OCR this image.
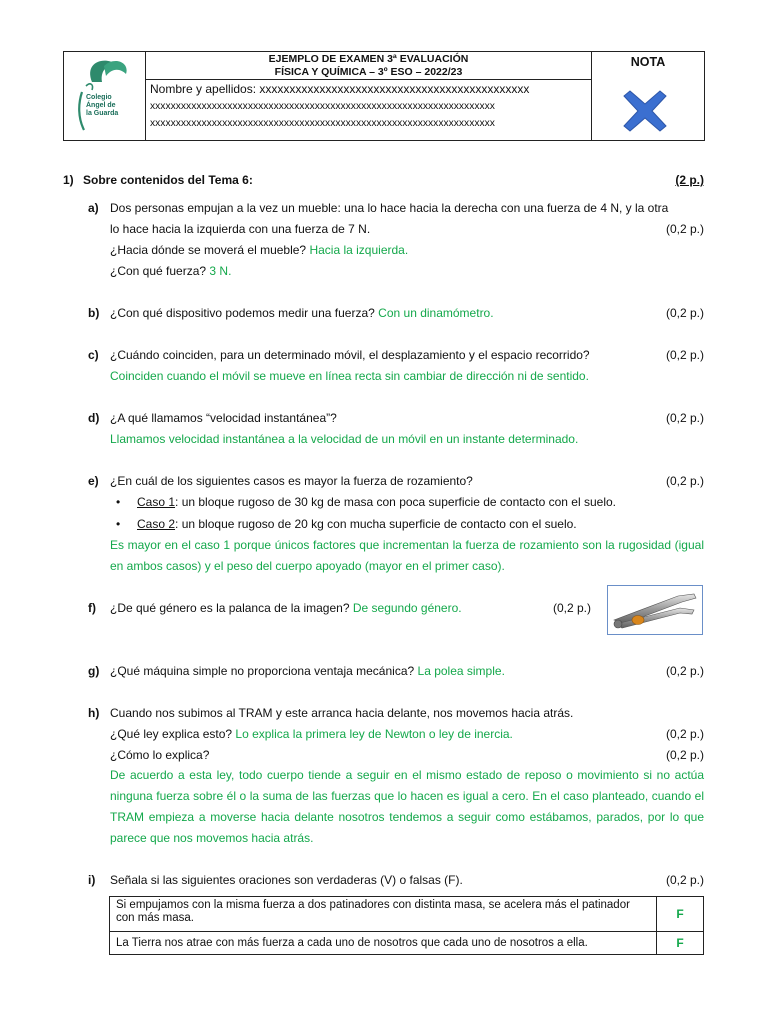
Colegio
Ángel de
la Guarda
EJEMPLO DE EXAMEN 3ª EVALUACIÓN
FÍSICA Y QUÍMICA – 3º ESO – 2022/23
NOTA
Nombre y apellidos: xxxxxxxxxxxxxxxxxxxxxxxxxxxxxxxxxxxxxxxxxxxxx
xxxxxxxxxxxxxxxxxxxxxxxxxxxxxxxxxxxxxxxxxxxxxxxxxxxxxxxxxxxxxxxxxxx
xxxxxxxxxxxxxxxxxxxxxxxxxxxxxxxxxxxxxxxxxxxxxxxxxxxxxxxxxxxxxxxxxxx
1) Sobre contenidos del Tema 6:	(2 p.)
a) Dos personas empujan a la vez un mueble: una lo hace hacia la derecha con una fuerza de 4 N, y la otra
lo hace hacia la izquierda con una fuerza de 7 N.	(0,2 p.)
¿Hacia dónde se moverá el mueble? Hacia la izquierda.
¿Con qué fuerza? 3 N.
b) ¿Con qué dispositivo podemos medir una fuerza? Con un dinamómetro.	(0,2 p.)
c) ¿Cuándo coinciden, para un determinado móvil, el desplazamiento y el espacio recorrido?	(0,2 p.)
Coinciden cuando el móvil se mueve en línea recta sin cambiar de dirección ni de sentido.
d) ¿A qué llamamos “velocidad instantánea”?	(0,2 p.)
Llamamos velocidad instantánea a la velocidad de un móvil en un instante determinado.
e) ¿En cuál de los siguientes casos es mayor la fuerza de rozamiento?	(0,2 p.)
• Caso 1: un bloque rugoso de 30 kg de masa con poca superficie de contacto con el suelo.
• Caso 2: un bloque rugoso de 20 kg con mucha superficie de contacto con el suelo.
Es mayor en el caso 1 porque únicos factores que incrementan la fuerza de rozamiento son la rugosidad (igual en ambos casos) y el peso del cuerpo apoyado (mayor en el primer caso).
f) ¿De qué género es la palanca de la imagen? De segundo género.	(0,2 p.)
g) ¿Qué máquina simple no proporciona ventaja mecánica? La polea simple.	(0,2 p.)
h) Cuando nos subimos al TRAM y este arranca hacia delante, nos movemos hacia atrás.
¿Qué ley explica esto? Lo explica la primera ley de Newton o ley de inercia.	(0,2 p.)
¿Cómo lo explica?	(0,2 p.)
De acuerdo a esta ley, todo cuerpo tiende a seguir en el mismo estado de reposo o movimiento si no actúa ninguna fuerza sobre él o la suma de las fuerzas que lo hacen es igual a cero. En el caso planteado, cuando el TRAM empieza a moverse hacia delante nosotros tendemos a seguir como estábamos, parados, por lo que parece que nos movemos hacia atrás.
i) Señala si las siguientes oraciones son verdaderas (V) o falsas (F).	(0,2 p.)
Si empujamos con la misma fuerza a dos patinadores con distinta masa, se acelera más el patinador con más masa.	F
La Tierra nos atrae con más fuerza a cada uno de nosotros que cada uno de nosotros a ella.	F
